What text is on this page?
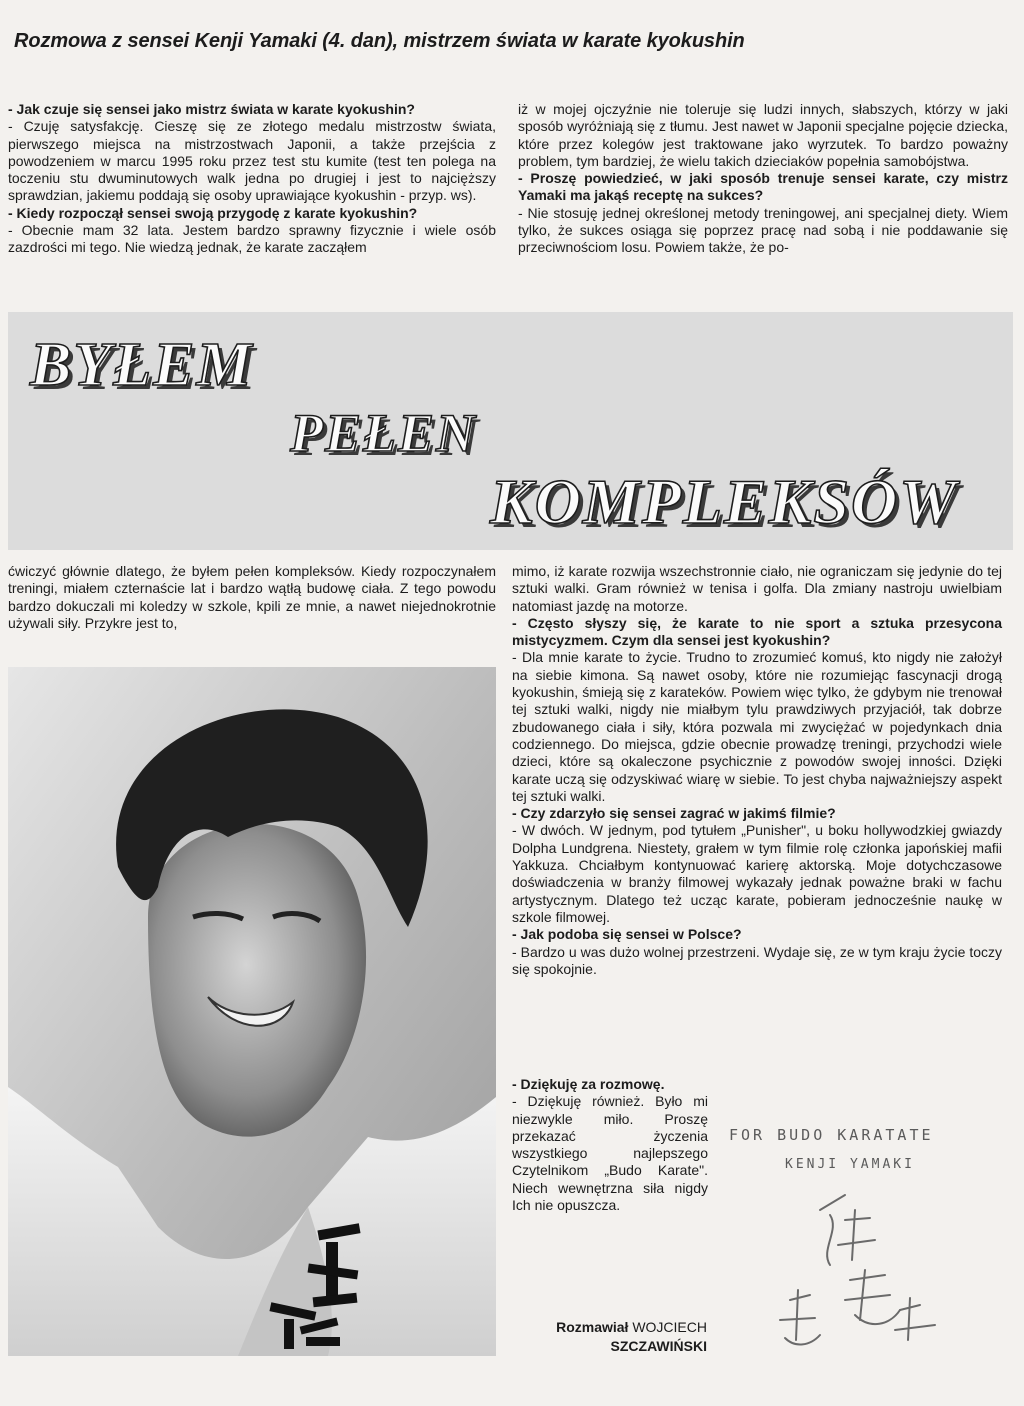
Rozmowa z sensei Kenji Yamaki (4. dan), mistrzem świata w karate kyokushin

- Jak czuje się sensei jako mistrz świata w karate kyokushin?

- Czuję satysfakcję. Cieszę się ze złotego medalu mistrzostw świata, pierwszego miejsca na mistrzostwach Japonii, a także przejścia z powodzeniem w marcu 1995 roku przez test stu kumite (test ten polega na toczeniu stu dwuminutowych walk jedna po drugiej i jest to najcięższy sprawdzian, jakiemu poddają się osoby uprawiające kyokushin - przyp. ws).

- Kiedy rozpoczął sensei swoją przygodę z karate kyokushin?

- Obecnie mam 32 lata. Jestem bardzo sprawny fizycznie i wiele osób zazdrości mi tego. Nie wiedzą jednak, że karate zacząłem

iż w mojej ojczyźnie nie toleruje się ludzi innych, słabszych, którzy w jaki sposób wyróżniają się z tłumu. Jest nawet w Japonii specjalne pojęcie dziecka, które przez kolegów jest traktowane jako wyrzutek. To bardzo poważny problem, tym bardziej, że wielu takich dzieciaków popełnia samobójstwa.

- Proszę powiedzieć, w jaki sposób trenuje sensei karate, czy mistrz Yamaki ma jakąś receptę na sukces?

- Nie stosuję jednej określonej metody treningowej, ani specjalnej diety. Wiem tylko, że sukces osiąga się poprzez pracę nad sobą i nie poddawanie się przeciwnościom losu. Powiem także, że po-

BYŁEM
PEŁEN
KOMPLEKSÓW

ćwiczyć głównie dlatego, że byłem pełen kompleksów. Kiedy rozpoczynałem treningi, miałem czternaście lat i bardzo wątłą budowę ciała. Z tego powodu bardzo dokuczali mi koledzy w szkole, kpili ze mnie, a nawet niejednokrotnie używali siły. Przykre jest to,

mimo, iż karate rozwija wszechstronnie ciało, nie ograniczam się jedynie do tej sztuki walki. Gram również w tenisa i golfa. Dla zmiany nastroju uwielbiam natomiast jazdę na motorze.

- Często słyszy się, że karate to nie sport a sztuka przesycona mistycyzmem. Czym dla sensei jest kyokushin?

- Dla mnie karate to życie. Trudno to zrozumieć komuś, kto nigdy nie założył na siebie kimona. Są nawet osoby, które nie rozumiejąc fascynacji drogą kyokushin, śmieją się z karateków. Powiem więc tylko, że gdybym nie trenował tej sztuki walki, nigdy nie miałbym tylu prawdziwych przyjaciół, tak dobrze zbudowanego ciała i siły, która pozwala mi zwyciężać w pojedynkach dnia codziennego. Do miejsca, gdzie obecnie prowadzę treningi, przychodzi wiele dzieci, które są okaleczone psychicznie z powodów swojej inności. Dzięki karate uczą się odzyskiwać wiarę w siebie. To jest chyba najważniejszy aspekt tej sztuki walki.

- Czy zdarzyło się sensei zagrać w jakimś filmie?

- W dwóch. W jednym, pod tytułem „Punisher", u boku hollywodzkiej gwiazdy Dolpha Lundgrena. Niestety, grałem w tym filmie rolę członka japońskiej mafii Yakkuza. Chciałbym kontynuować karierę aktorską. Moje dotychczasowe doświadczenia w branży filmowej wykazały jednak poważne braki w fachu artystycznym. Dlatego też ucząc karate, pobieram jednocześnie naukę w szkole filmowej.

- Jak podoba się sensei w Polsce?

- Bardzo u was dużo wolnej przestrzeni. Wydaje się, ze w tym kraju życie toczy się spokojnie.

- Dziękuję za rozmowę.

- Dziękuję również. Było mi niezwykle miło. Proszę przekazać życzenia wszystkiego najlepszego Czytelnikom „Budo Karate". Niech wewnętrzna siła nigdy Ich nie opuszcza.

FOR BUDO KARATATE
KENJI YAMAKI
Rozmawiał WOJCIECH
SZCZAWIŃSKI
